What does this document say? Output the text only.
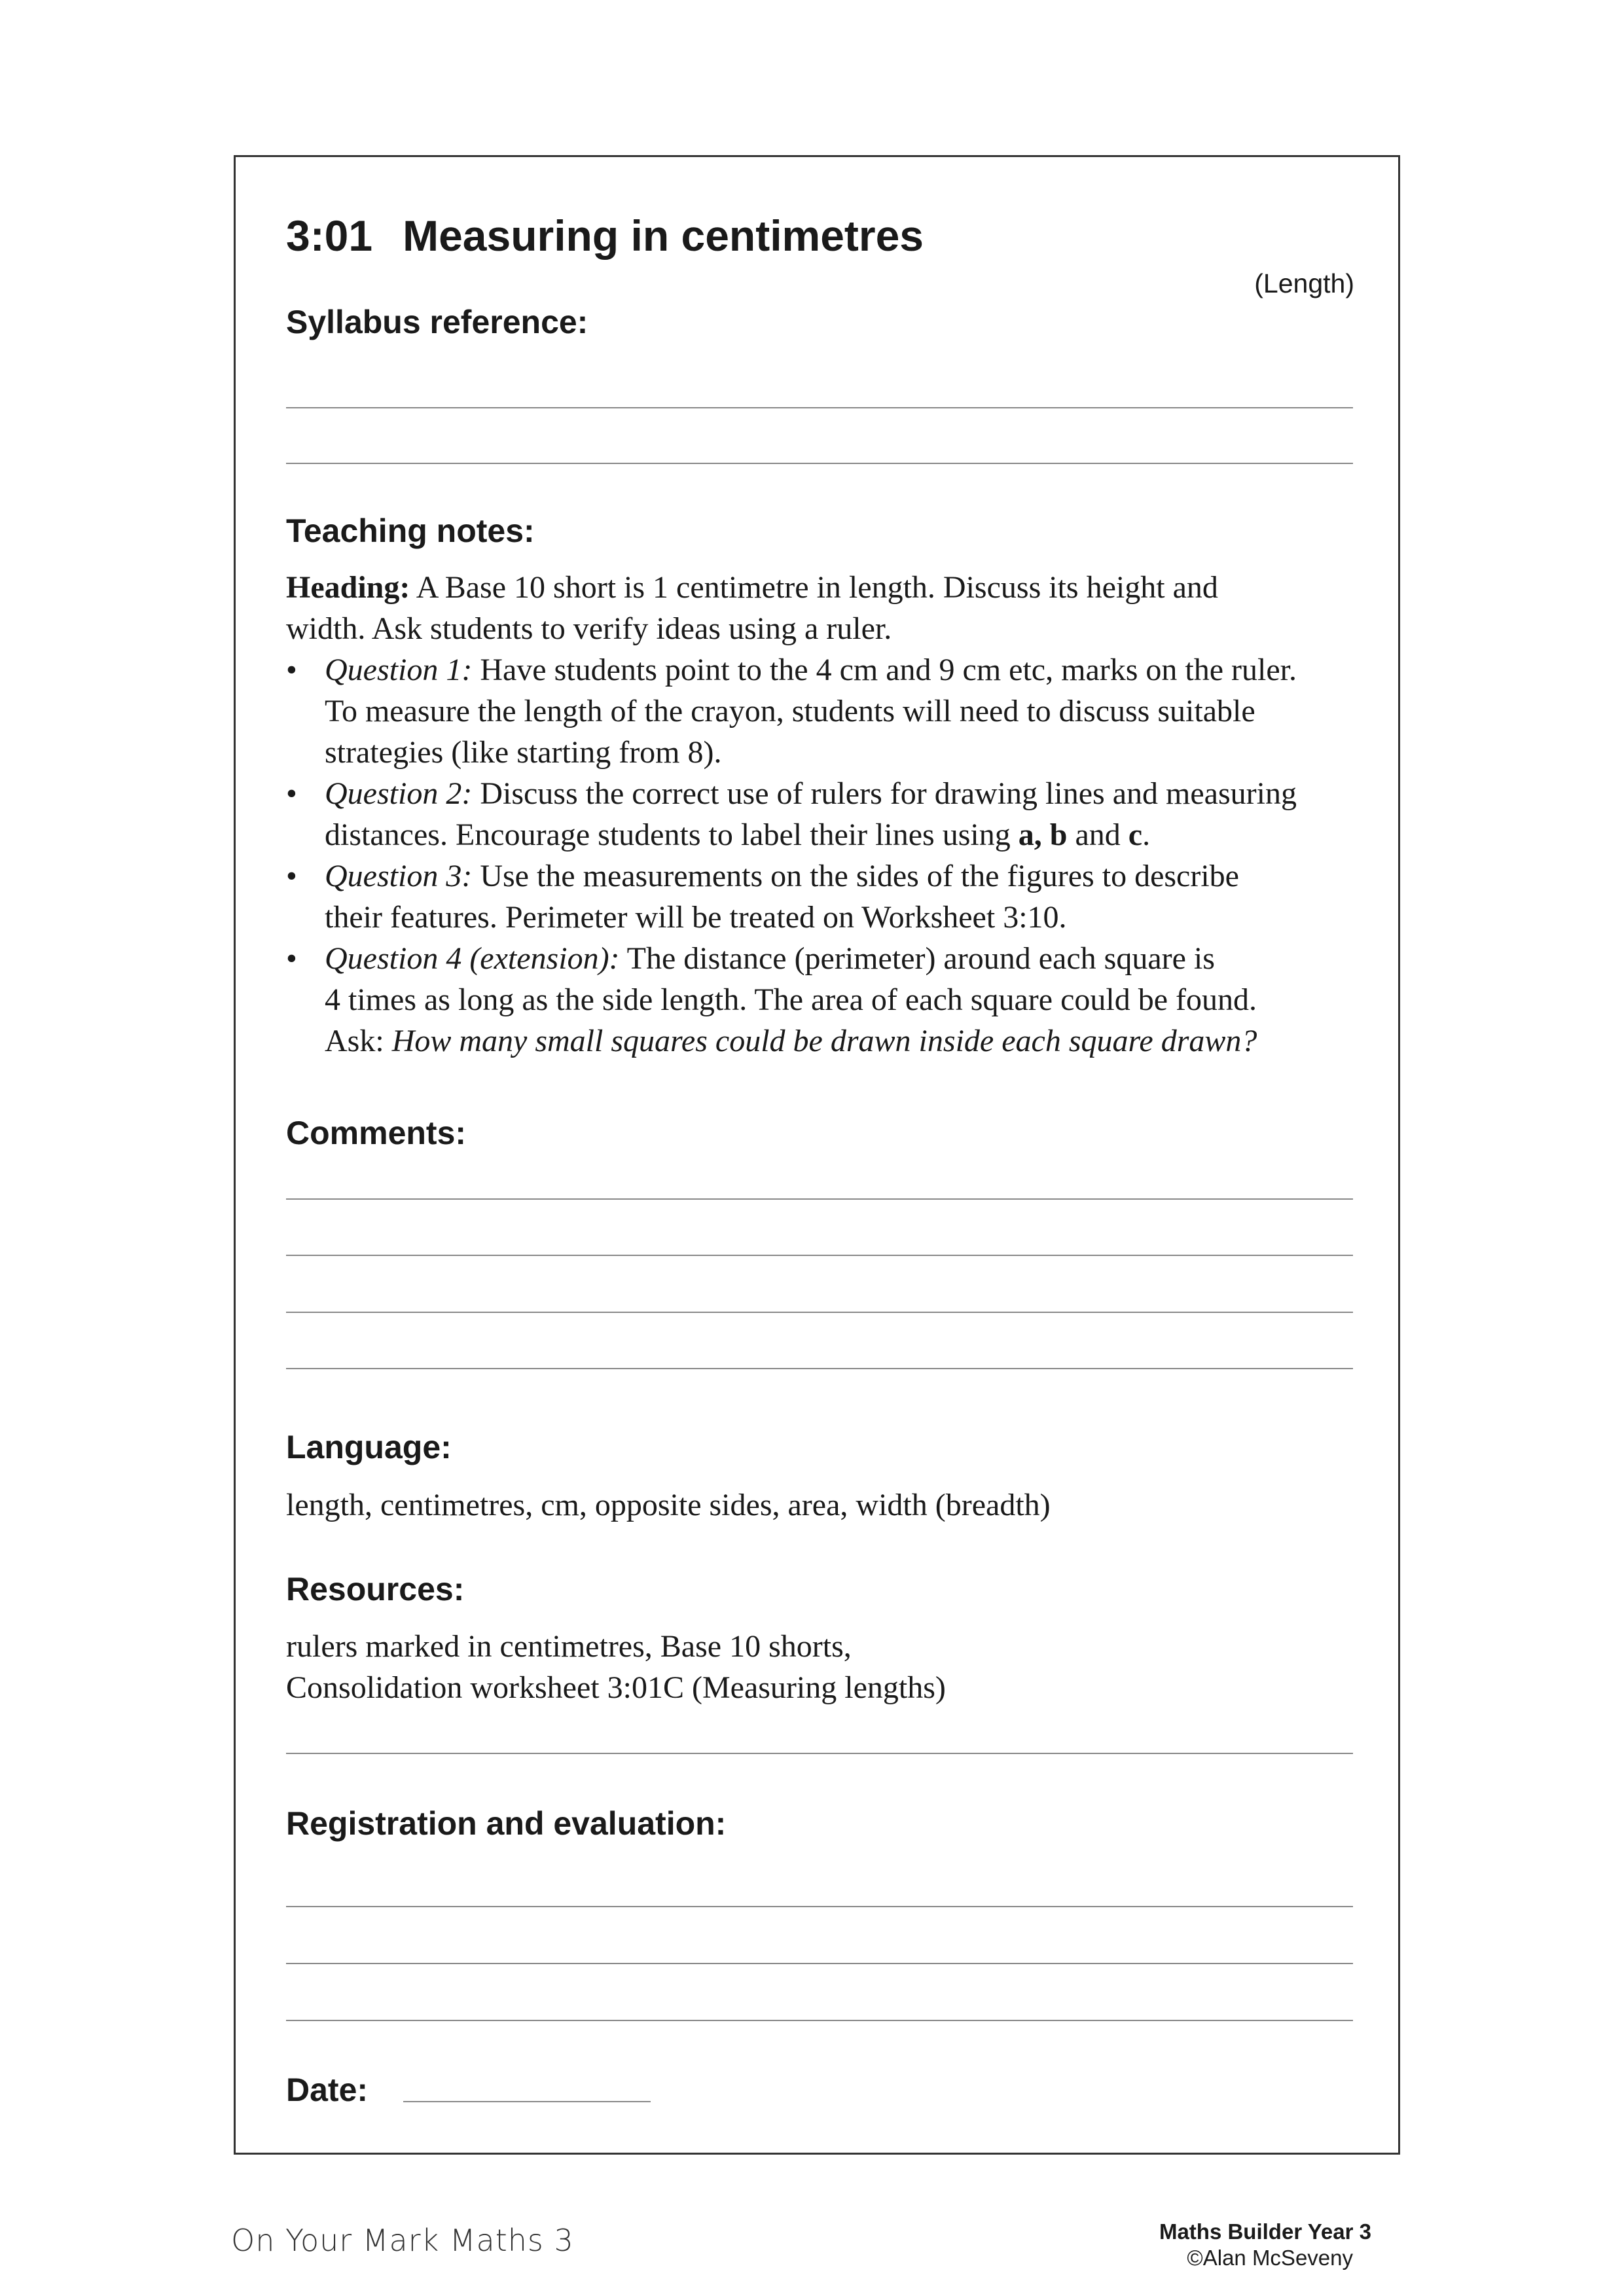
3:01 Measuring in centimetres
(Length)
Syllabus reference:
Teaching notes:

Heading: A Base 10 short is 1 centimetre in length. Discuss its height and
width. Ask students to verify ideas using a ruler.

• Question 1: Have students point to the 4 cm and 9 cm etc, marks on the ruler.
To measure the length of the crayon, students will need to discuss suitable
strategies (like starting from 8).
• Question 2: Discuss the correct use of rulers for drawing lines and measuring
distances. Encourage students to label their lines using a, b and c.
• Question 3: Use the measurements on the sides of the figures to describe
their features. Perimeter will be treated on Worksheet 3:10.
• Question 4 (extension): The distance (perimeter) around each square is
4 times as long as the side length. The area of each square could be found.
Ask: How many small squares could be drawn inside each square drawn?
Comments:
Language:
length, centimetres, cm, opposite sides, area, width (breadth)
Resources:
rulers marked in centimetres, Base 10 shorts,
Consolidation worksheet 3:01C (Measuring lengths)
Registration and evaluation:
Date:
On Your Mark Maths 3	Maths Builder Year 3
©Alan McSeveny
